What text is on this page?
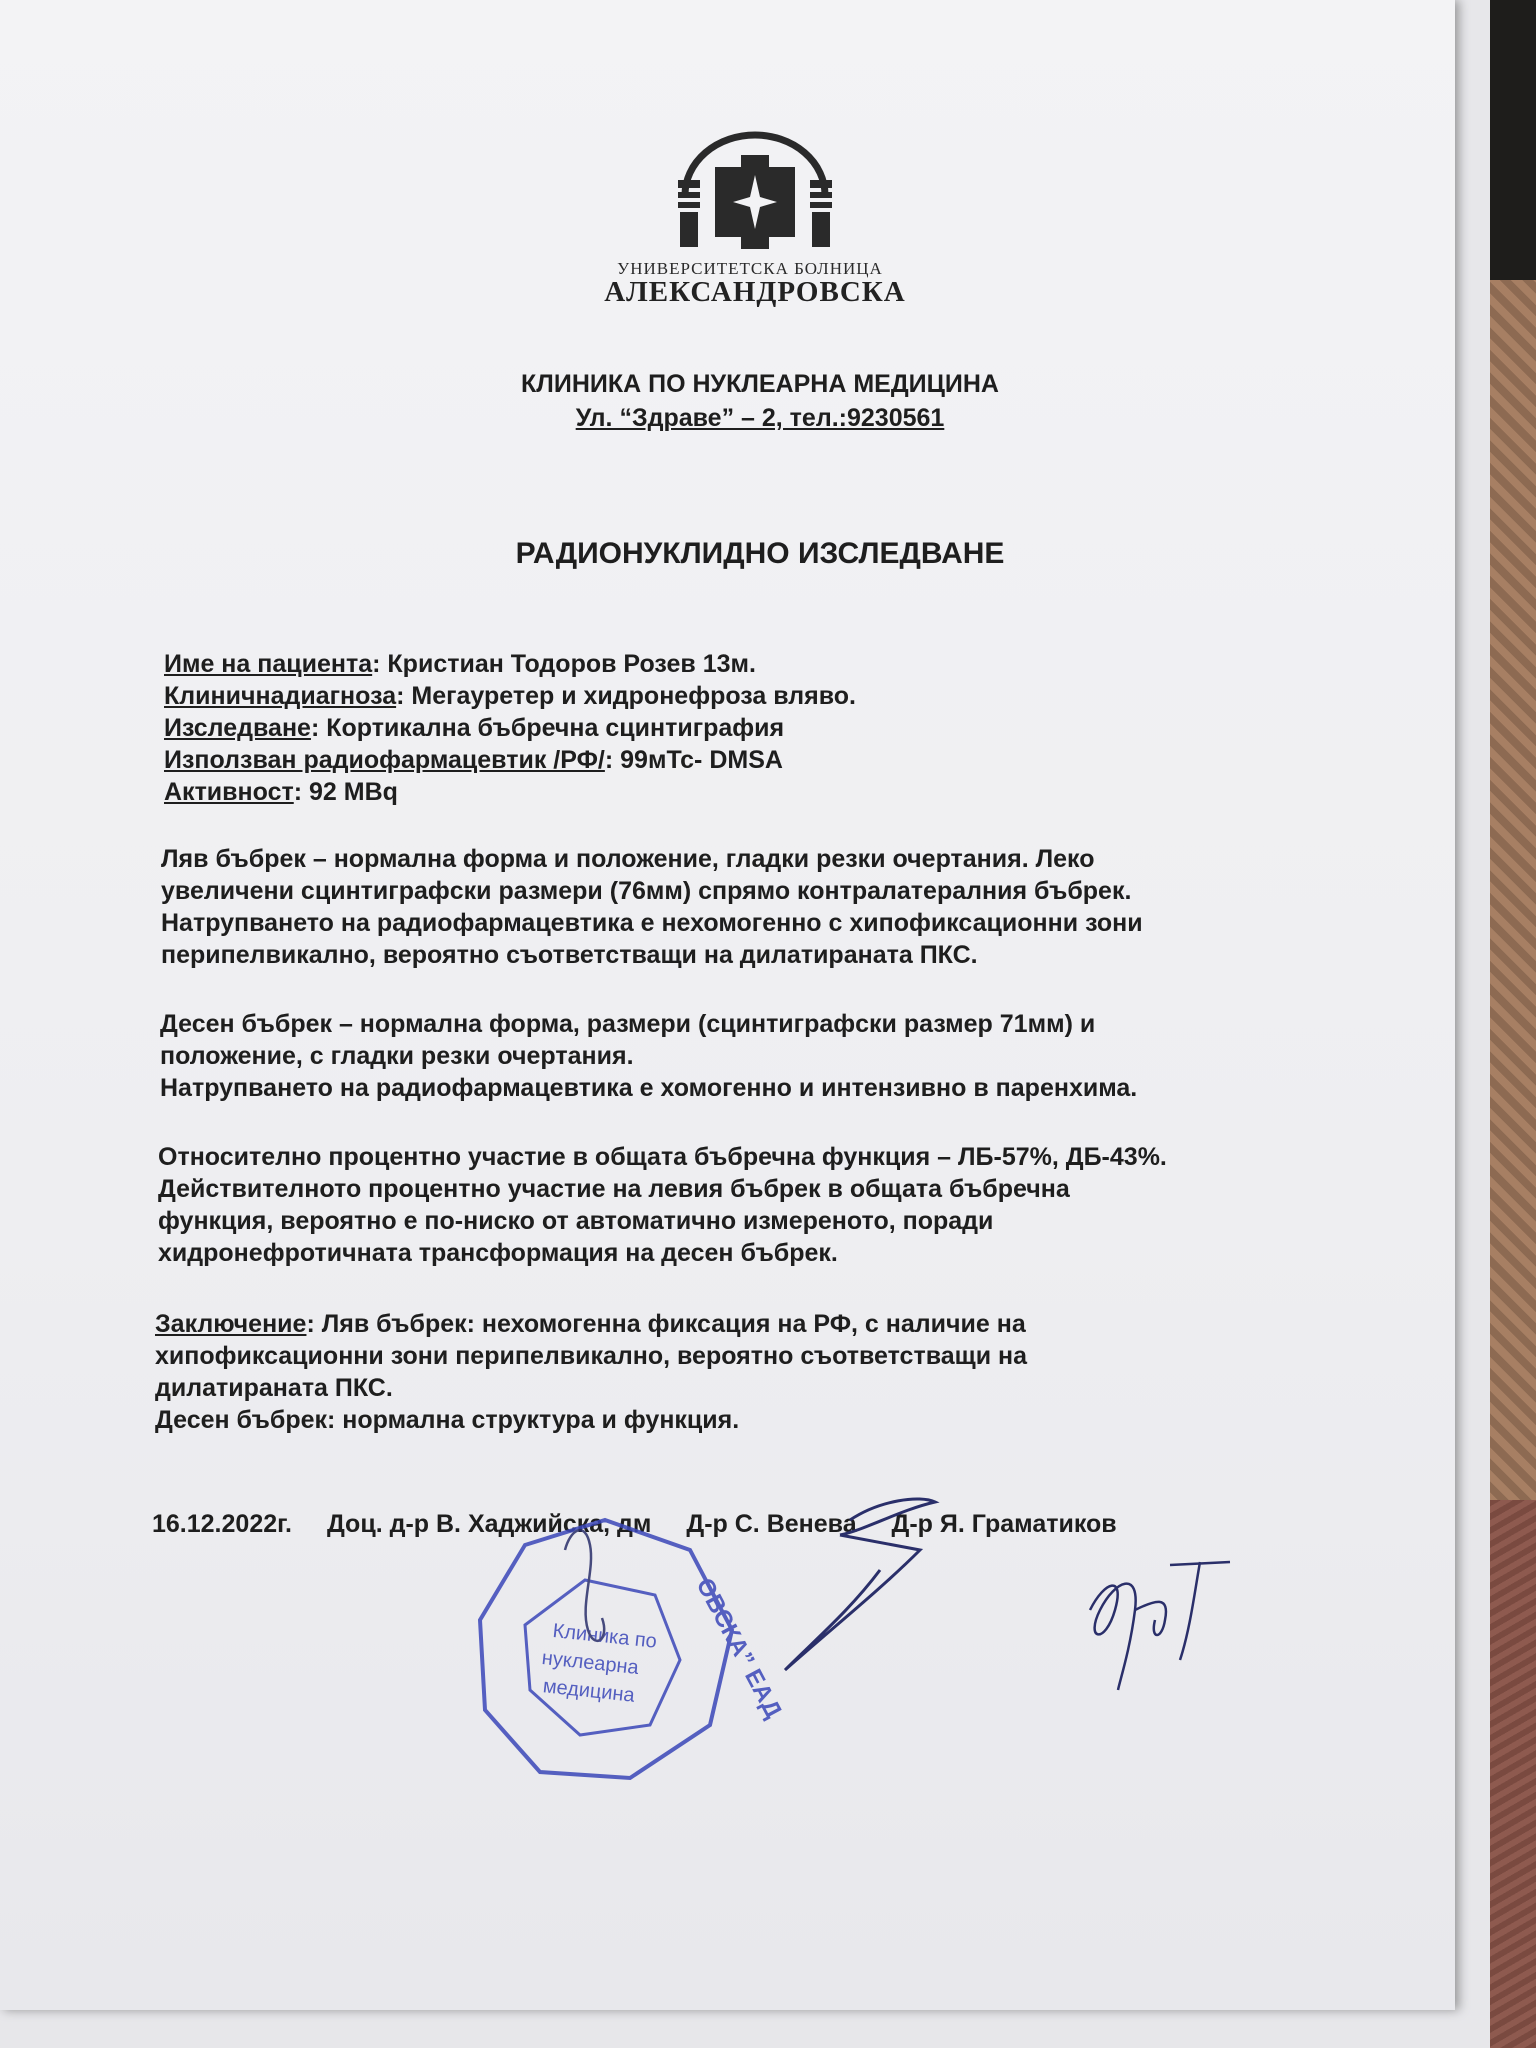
УНИВЕРСИТЕТСКА БОЛНИЦА
АЛЕКСАНДРОВСКА
КЛИНИКА ПО НУКЛЕАРНА МЕДИЦИНА
Ул. “Здраве” – 2, тел.:9230561
РАДИОНУКЛИДНО ИЗСЛЕДВАНЕ
Име на пациента: Кристиан Тодоров Розев 13м.
Клиничнадиагноза: Мегауретер и хидронефроза вляво.
Изследване: Кортикална бъбречна сцинтиграфия
Използван радиофармацевтик /РФ/: 99мТс- DMSA
Активност: 92 MBq
Ляв бъбрек – нормална форма и положение, гладки резки очертания. Леко
увеличени сцинтиграфски размери (76мм) спрямо контралатералния бъбрек.
Натрупването на радиофармацевтика е нехомогенно с хипофиксационни зони
перипелвикално, вероятно съответстващи на дилатираната ПКС.
Десен бъбрек – нормална форма, размери (сцинтиграфски размер 71мм) и
положение, с гладки резки очертания.
Натрупването на радиофармацевтика е хомогенно и интензивно в паренхима.
Относително процентно участие в общата бъбречна функция – ЛБ-57%, ДБ-43%.
Действителното процентно участие на левия бъбрек в общата бъбречна
функция, вероятно е по-ниско от автоматично измереното, поради
хидронефротичната трансформация на десен бъбрек.
Заключение: Ляв бъбрек: нехомогенна фиксация на РФ, с наличие на
хипофиксационни зони перипелвикално, вероятно съответстващи на
дилатираната ПКС.
Десен бъбрек: нормална структура и функция.
16.12.2022г. Доц. д-р В. Хаджийска, дм Д-р С. Венева Д-р Я. Граматиков
Клиника по
нуклеарна
медицина ОВСКА” ЕАД
